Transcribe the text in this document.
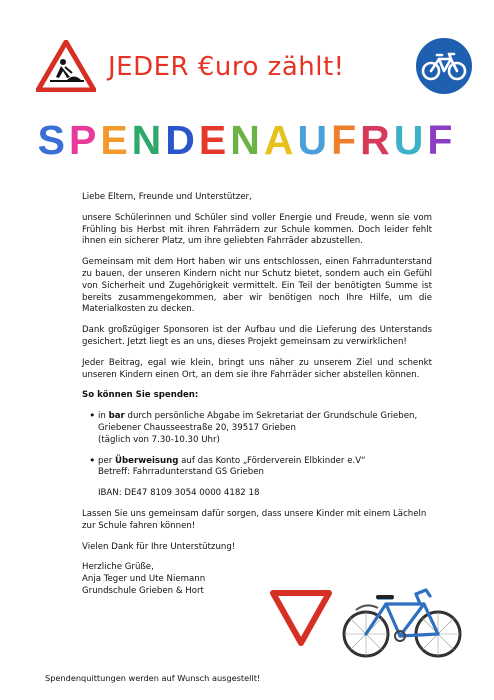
JEDER €uro zählt!
SPENDENAUFRUF

Liebe Eltern, Freunde und Unterstützer,

unsere Schülerinnen und Schüler sind voller Energie und Freude, wenn sie vom Frühling bis Herbst mit ihren Fahrrädern zur Schule kommen. Doch leider fehlt ihnen ein sicherer Platz, um ihre geliebten Fahrräder abzustellen.

Gemeinsam mit dem Hort haben wir uns entschlossen, einen Fahrradunterstand zu bauen, der unseren Kindern nicht nur Schutz bietet, sondern auch ein Gefühl von Sicherheit und Zugehörigkeit vermittelt. Ein Teil der benötigten Summe ist bereits zusammengekommen, aber wir benötigen noch Ihre Hilfe, um die Materialkosten zu decken.

Dank großzügiger Sponsoren ist der Aufbau und die Lieferung des Unterstands gesichert. Jetzt liegt es an uns, dieses Projekt gemeinsam zu verwirklichen!

Jeder Beitrag, egal wie klein, bringt uns näher zu unserem Ziel und schenkt unseren Kindern einen Ort, an dem sie ihre Fahrräder sicher abstellen können.

So können Sie spenden:

• in bar durch persönliche Abgabe im Sekretariat der Grundschule Grieben,
Griebener Chausseestraße 20, 39517 Grieben
(täglich von 7.30-10.30 Uhr)
• per Überweisung auf das Konto „Förderverein Elbkinder e.V“
Betreff: Fahrradunterstand GS Grieben

IBAN: DE47 8109 3054 0000 4182 18

Lassen Sie uns gemeinsam dafür sorgen, dass unsere Kinder mit einem Lächeln zur Schule fahren können!

Vielen Dank für Ihre Unterstützung!

Herzliche Grüße,
Anja Teger und Ute Niemann
Grundschule Grieben & Hort

Spendenquittungen werden auf Wunsch ausgestellt!
